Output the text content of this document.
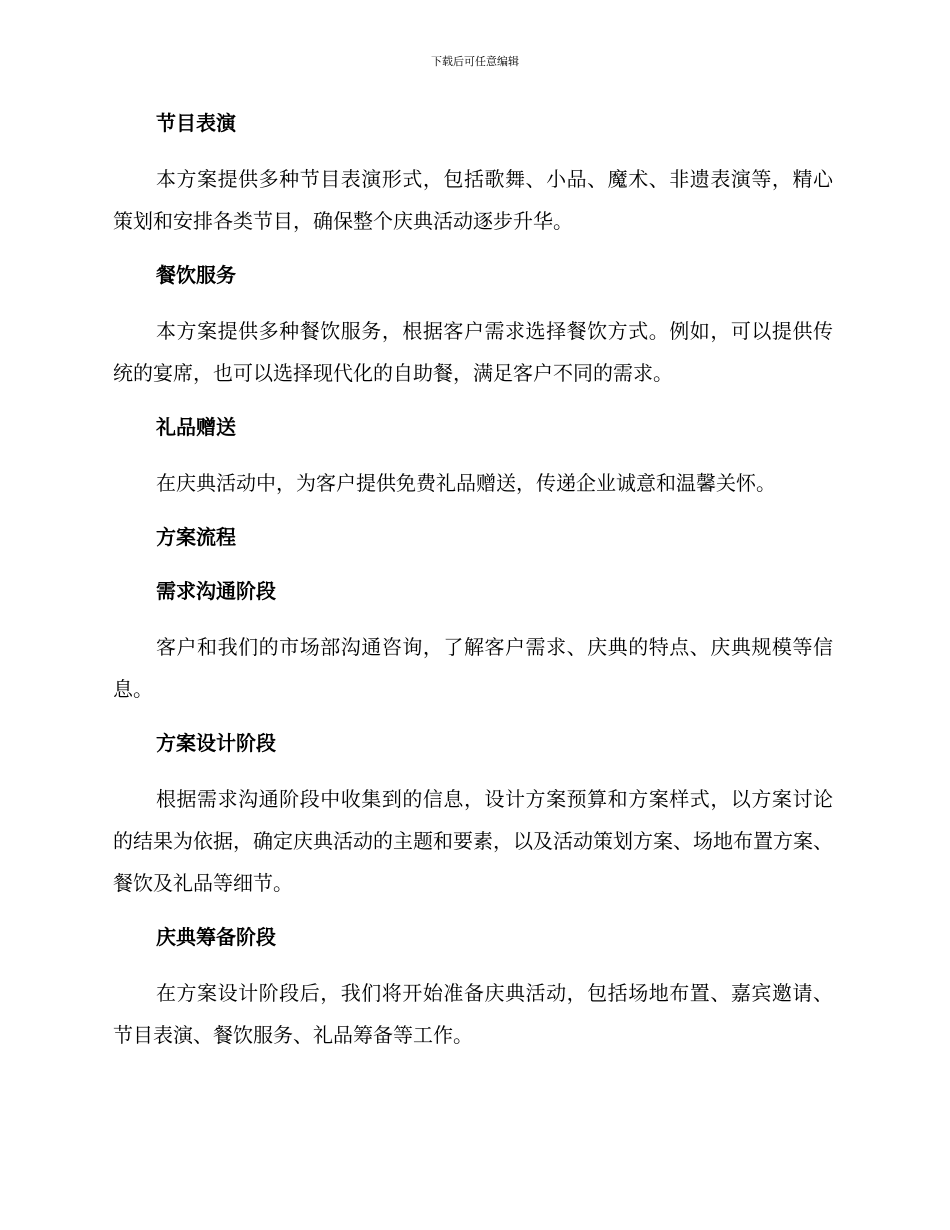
下载后可任意编辑
节目表演

本方案提供多种节目表演形式，包括歌舞、小品、魔术、非遗表演等，精心策划和安排各类节目，确保整个庆典活动逐步升华。

餐饮服务

本方案提供多种餐饮服务，根据客户需求选择餐饮方式。例如，可以提供传统的宴席，也可以选择现代化的自助餐，满足客户不同的需求。

礼品赠送

在庆典活动中，为客户提供免费礼品赠送，传递企业诚意和温馨关怀。

方案流程
需求沟通阶段

客户和我们的市场部沟通咨询，了解客户需求、庆典的特点、庆典规模等信息。

方案设计阶段

根据需求沟通阶段中收集到的信息，设计方案预算和方案样式，以方案讨论的结果为依据，确定庆典活动的主题和要素，以及活动策划方案、场地布置方案、餐饮及礼品等细节。

庆典筹备阶段

在方案设计阶段后，我们将开始准备庆典活动，包括场地布置、嘉宾邀请、节目表演、餐饮服务、礼品筹备等工作。
